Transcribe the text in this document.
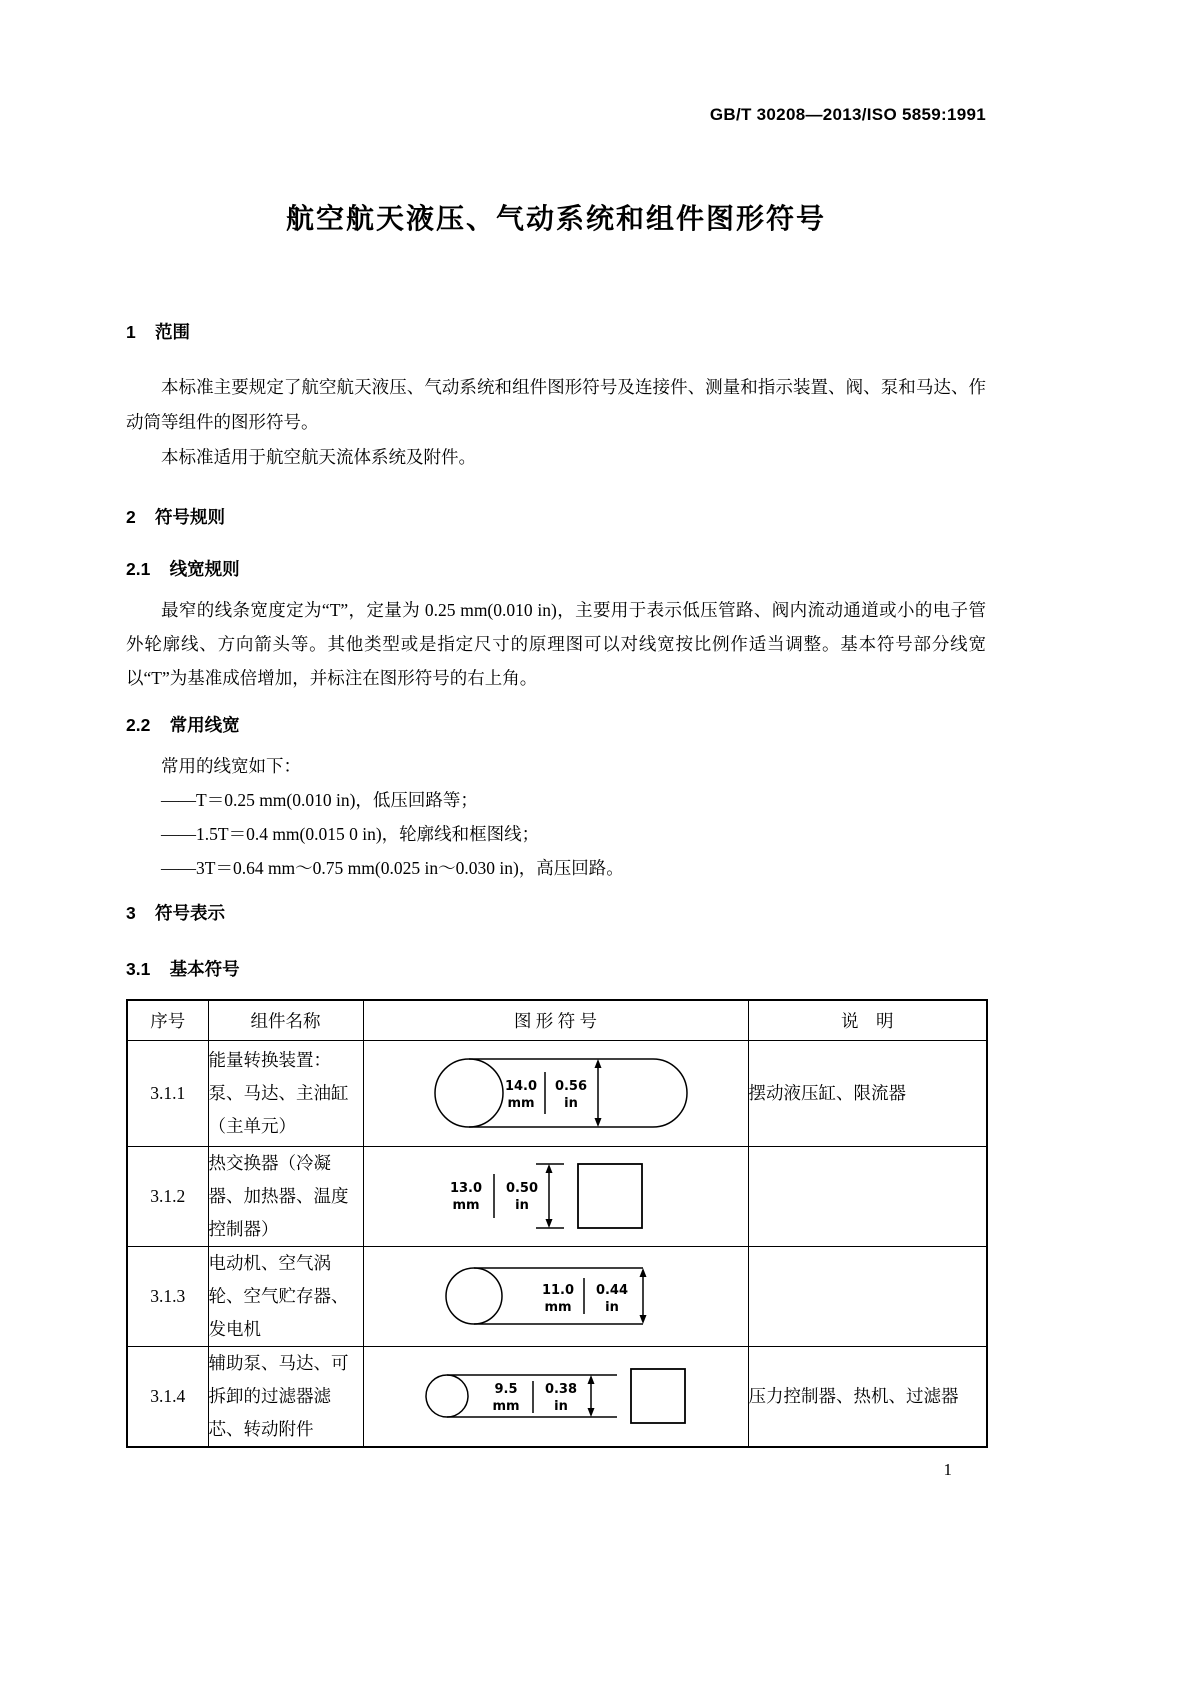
GB/T 30208—2013/ISO 5859:1991
航空航天液压、气动系统和组件图形符号
1 范围

本标准主要规定了航空航天液压、气动系统和组件图形符号及连接件、测量和指示装置、阀、泵和马达、作动筒等组件的图形符号。

本标准适用于航空航天流体系统及附件。

2 符号规则
2.1 线宽规则

最窄的线条宽度定为“T”，定量为 0.25 mm(0.010 in)，主要用于表示低压管路、阀内流动通道或小的电子管外轮廓线、方向箭头等。其他类型或是指定尺寸的原理图可以对线宽按比例作适当调整。基本符号部分线宽以“T”为基准成倍增加，并标注在图形符号的右上角。

2.2 常用线宽

常用的线宽如下：

——T＝0.25 mm(0.010 in)，低压回路等；

——1.5T＝0.4 mm(0.015 0 in)，轮廓线和框图线；

——3T＝0.64 mm～0.75 mm(0.025 in～0.030 in)，高压回路。

3 符号表示
3.1 基本符号
序号	组件名称	图 形 符 号	说　明
3.1.1	能量转换装置：泵、马达、主油缸（主单元）	14.0
mm
0.56
in	摆动液压缸、限流器
3.1.2	热交换器（冷凝器、加热器、温度控制器）	13.0
mm
0.50
in	

3.1.3	电动机、空气涡轮、空气贮存器、发电机	11.0
mm
0.44
in	

3.1.4	辅助泵、马达、可拆卸的过滤器滤芯、转动附件	9.5
mm
0.38
in	压力控制器、热机、过滤器
1
